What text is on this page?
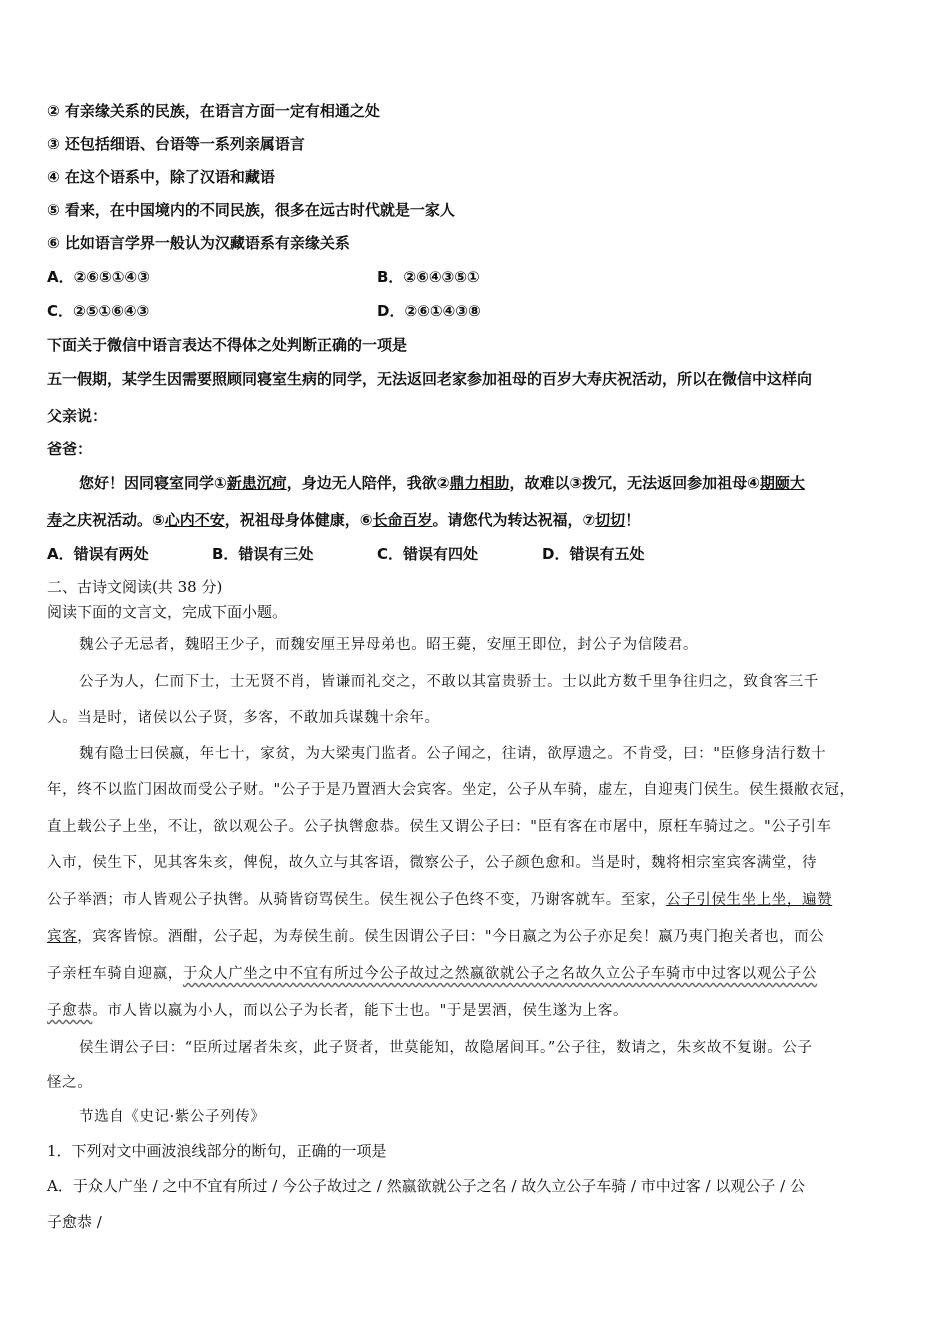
② 有亲缘关系的民族，在语言方面一定有相通之处
③ 还包括细语、台语等一系列亲属语言
④ 在这个语系中，除了汉语和藏语
⑤ 看来，在中国境内的不同民族，很多在远古时代就是一家人
⑥ 比如语言学界一般认为汉藏语系有亲缘关系
A．②⑥⑤①④③	B．②⑥④③⑤①
C．②⑤①⑥④③	D．②⑥①④③⑧
下面关于微信中语言表达不得体之处判断正确的一项是
五一假期，某学生因需要照顾同寝室生病的同学，无法返回老家参加祖母的百岁大寿庆祝活动，所以在微信中这样向
父亲说：
爸爸：
您好！因同寝室同学①新患沉疴，身边无人陪伴，我欲②鼎力相助，故难以③拨冗，无法返回参加祖母④期颐大
寿之庆祝活动。⑤心内不安，祝祖母身体健康，⑥长命百岁。请您代为转达祝福，⑦切切！
A．错误有两处	B．错误有三处	C．错误有四处	D．错误有五处
二、古诗文阅读(共 38 分)
阅读下面的文言文，完成下面小题。
魏公子无忌者，魏昭王少子，而魏安厘王异母弟也。昭王薨，安厘王即位，封公子为信陵君。
公子为人，仁而下士，士无贤不肖，皆谦而礼交之，不敢以其富贵骄士。士以此方数千里争往归之，致食客三千
人。当是时，诸侯以公子贤，多客，不敢加兵谋魏十余年。
魏有隐士曰侯嬴，年七十，家贫，为大梁夷门监者。公子闻之，往请，欲厚遗之。不肯受，曰："臣修身洁行数十
年，终不以监门困故而受公子财。"公子于是乃置酒大会宾客。坐定，公子从车骑，虚左，自迎夷门侯生。侯生摄敝衣冠，
直上载公子上坐，不让，欲以观公子。公子执辔愈恭。侯生又谓公子曰："臣有客在市屠中，原枉车骑过之。"公子引车
入市，侯生下，见其客朱亥，俾倪，故久立与其客语，微察公子，公子颜色愈和。当是时，魏将相宗室宾客满堂，待
公子举酒；市人皆观公子执辔。从骑皆窃骂侯生。侯生视公子色终不变，乃谢客就车。至家，公子引侯生坐上坐，遍赞
宾客，宾客皆惊。酒酣，公子起，为寿侯生前。侯生因谓公子曰："今日嬴之为公子亦足矣！嬴乃夷门抱关者也，而公
子亲枉车骑自迎嬴，于众人广坐之中不宜有所过今公子故过之然嬴欲就公子之名故久立公子车骑市中过客以观公子公
子愈恭。市人皆以嬴为小人，而以公子为长者，能下士也。"于是罢酒，侯生遂为上客。
侯生谓公子曰：“臣所过屠者朱亥，此子贤者，世莫能知，故隐屠间耳。”公子往，数请之，朱亥故不复谢。公子
怪之。
节选自《史记·紫公子列传》
1．下列对文中画波浪线部分的断句，正确的一项是
A．于众人广坐 / 之中不宜有所过 / 今公子故过之 / 然嬴欲就公子之名 / 故久立公子车骑 / 市中过客 / 以观公子 / 公
子愈恭 /
